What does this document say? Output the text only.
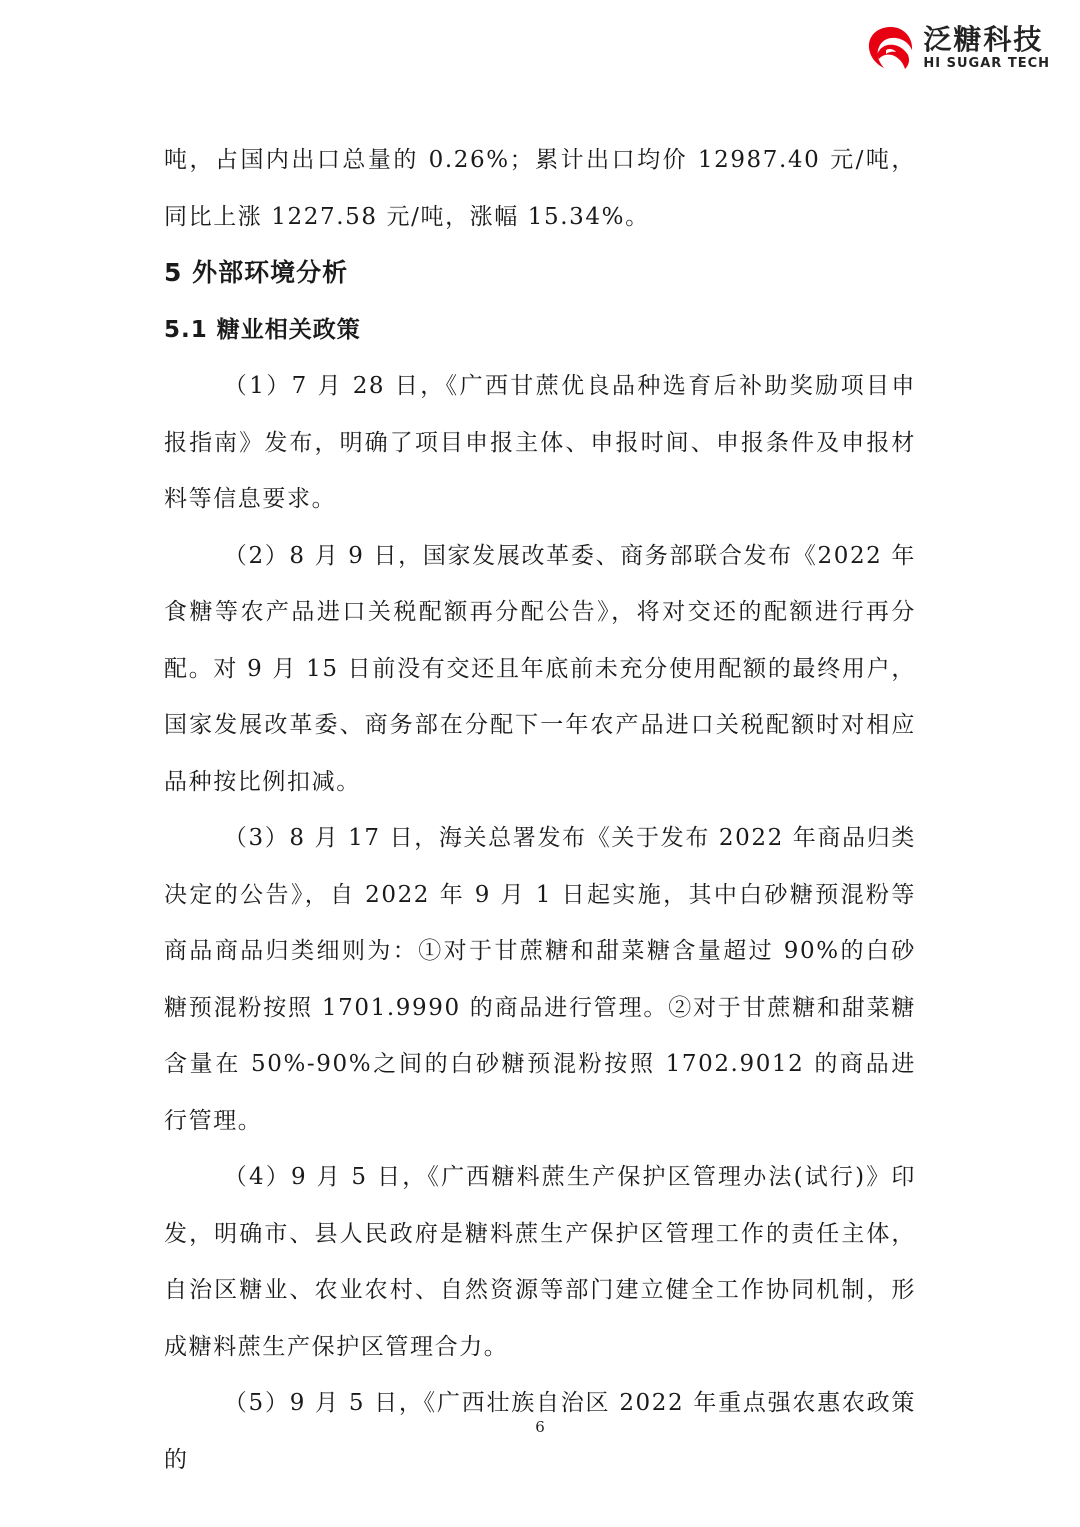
泛糖科技
HI SUGAR TECH

吨，占国内出口总量的 0.26%；累计出口均价 12987.40 元/吨，同比上涨 1227.58 元/吨，涨幅 15.34%。

5 外部环境分析
5.1 糖业相关政策

（1）7 月 28 日，《广西甘蔗优良品种选育后补助奖励项目申报指南》发布，明确了项目申报主体、申报时间、申报条件及申报材料等信息要求。

（2）8 月 9 日，国家发展改革委、商务部联合发布《2022 年食糖等农产品进口关税配额再分配公告》，将对交还的配额进行再分配。对 9 月 15 日前没有交还且年底前未充分使用配额的最终用户，国家发展改革委、商务部在分配下一年农产品进口关税配额时对相应品种按比例扣减。

（3）8 月 17 日，海关总署发布《关于发布 2022 年商品归类决定的公告》，自 2022 年 9 月 1 日起实施，其中白砂糖预混粉等商品商品归类细则为：①对于甘蔗糖和甜菜糖含量超过 90%的白砂糖预混粉按照 1701.9990 的商品进行管理。②对于甘蔗糖和甜菜糖含量在 50%-90%之间的白砂糖预混粉按照 1702.9012 的商品进行管理。

（4）9 月 5 日，《广西糖料蔗生产保护区管理办法(试行)》印发，明确市、县人民政府是糖料蔗生产保护区管理工作的责任主体，自治区糖业、农业农村、自然资源等部门建立健全工作协同机制，形成糖料蔗生产保护区管理合力。

（5）9 月 5 日，《广西壮族自治区 2022 年重点强农惠农政策的

6
